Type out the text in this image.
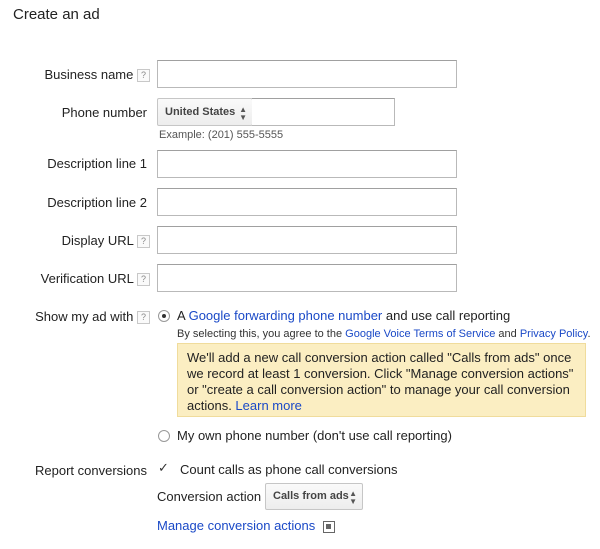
Create an ad
Business name ?
Phone number	United States ▲
▼
Example: (201) 555-5555
Description line 1
Description line 2
Display URL ?
Verification URL ?
Show my ad with ?	A Google forwarding phone number and use call reporting
By selecting this, you agree to the Google Voice Terms of Service and Privacy Policy.
We'll add a new call conversion action called "Calls from ads" once we record at least 1 conversion. Click "Manage conversion actions" or "create a call conversion action" to manage your call conversion actions. Learn more
My own phone number (don't use call reporting)
Report conversions ✓ Count calls as phone call conversions
Conversion action	Calls from ads ▲
▼
Manage conversion actions
